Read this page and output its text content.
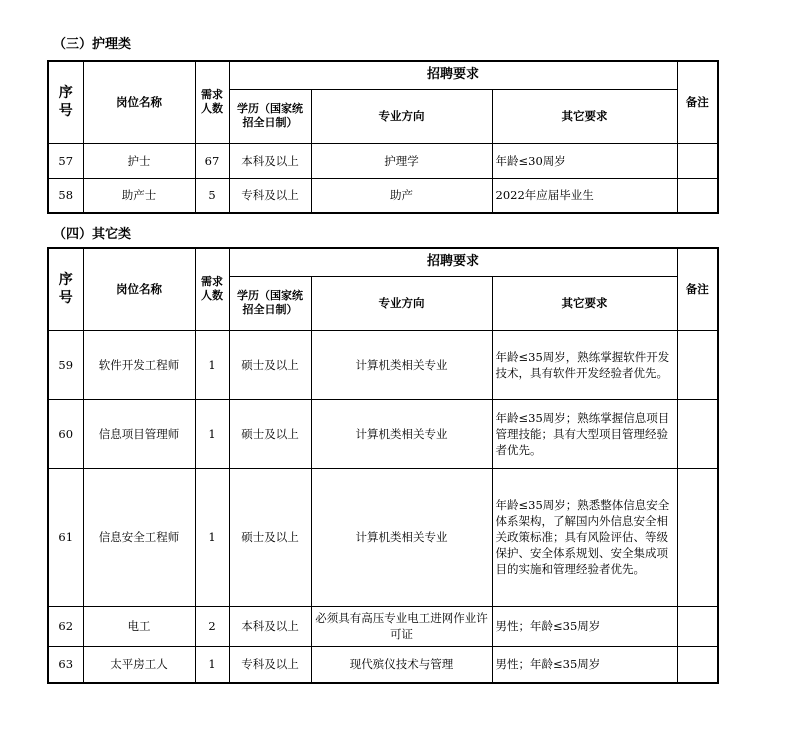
（三）护理类
序号	岗位名称	需求人数	招聘要求			备注
			学历（国家统招全日制）	专业方向	其它要求	
57	护士	67	本科及以上	护理学	年龄≤30周岁	
58	助产士	5	专科及以上	助产	2022年应届毕业生	
（四）其它类
序号	岗位名称	需求人数	招聘要求			备注
			学历（国家统招全日制）	专业方向	其它要求	
59	软件开发工程师	1	硕士及以上	计算机类相关专业	年龄≤35周岁，熟练掌握软件开发技术，具有软件开发经验者优先。	
60	信息项目管理师	1	硕士及以上	计算机类相关专业	年龄≤35周岁；熟练掌握信息项目管理技能；具有大型项目管理经验者优先。	
61	信息安全工程师	1	硕士及以上	计算机类相关专业	年龄≤35周岁；熟悉整体信息安全体系架构，了解国内外信息安全相关政策标准；具有风险评估、等级保护、安全体系规划、安全集成项目的实施和管理经验者优先。	
62	电工	2	本科及以上	必须具有高压专业电工进网作业许可证	男性；年龄≤35周岁	
63	太平房工人	1	专科及以上	现代殡仪技术与管理	男性；年龄≤35周岁	
